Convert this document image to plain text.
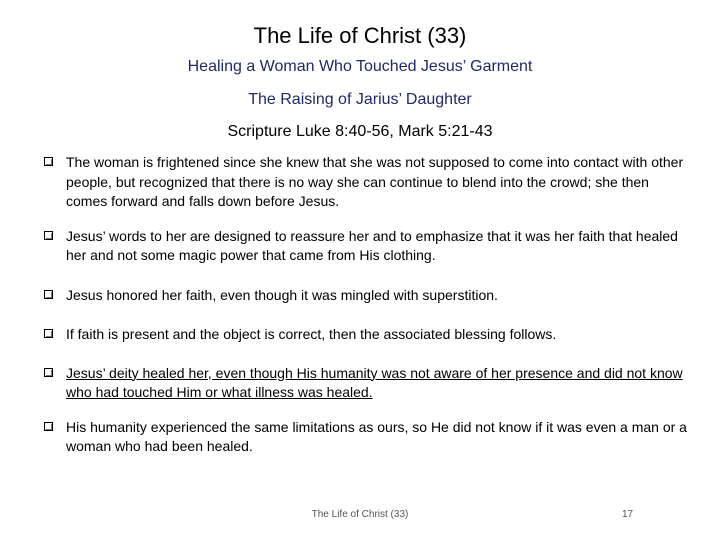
The Life of Christ (33)
Healing a Woman Who Touched Jesus’ Garment
The Raising of Jarius’ Daughter
Scripture Luke 8:40-56, Mark 5:21-43
The woman is frightened since she knew that she was not supposed to come into contact with other people, but recognized that there is no way she can continue to blend into the crowd; she then comes forward and falls down before Jesus.
Jesus’ words to her are designed to reassure her and to emphasize that it was her faith that healed her and not some magic power that came from His clothing.
Jesus honored her faith, even though it was mingled with superstition.
If faith is present and the object is correct, then the associated blessing follows.
Jesus’ deity healed her, even though His humanity was not aware of her presence and did not know who had touched Him or what illness was healed.
His humanity experienced the same limitations as ours, so He did not know if it was even a man or a woman who had been healed.
The Life of Christ (33)	17
